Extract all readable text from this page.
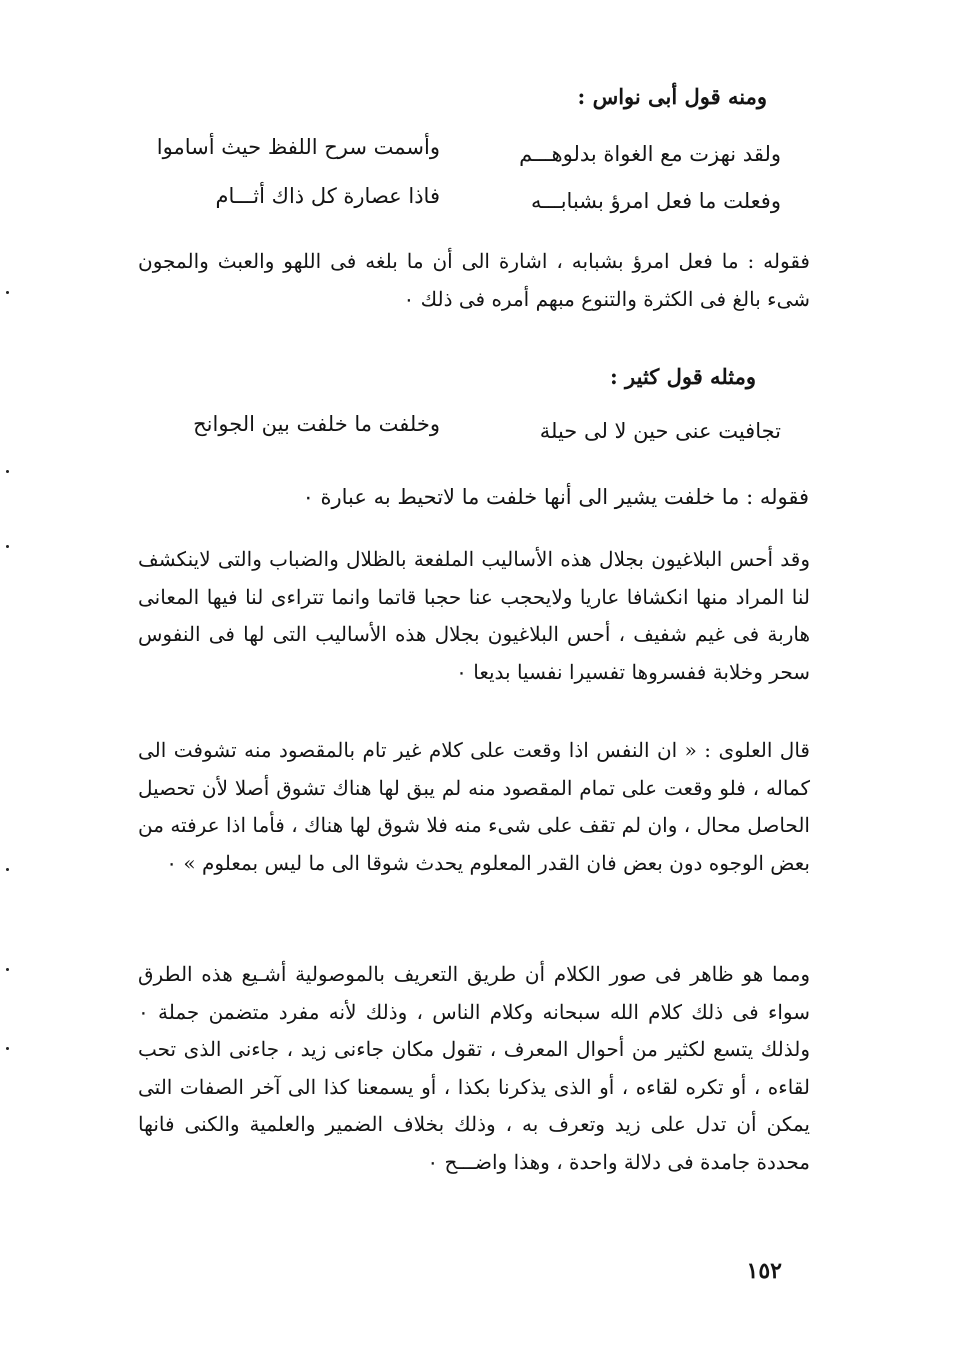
ومنه قول أبى نواس :
ولقد نهزت مع الغواة بدلوهـــم
وأسمت سرح اللفظ حيث أساموا
وفعلت ما فعل امرؤ بشبابـــه
فاذا عصارة كل ذاك أثـــام
فقوله : ما فعل امرؤ بشبابه ، اشارة الى أن ما بلغه فى اللهو والعبث والمجون شىء بالغ فى الكثرة والتنوع مبهم أمره فى ذلك ٠
ومثله قول كثير :
تجافيت عنى حين لا لى حيلة
وخلفت ما خلفت بين الجوانح
فقوله : ما خلفت يشير الى أنها خلفت ما لاتحيط به عبارة ٠
وقد أحس البلاغيون بجلال هذه الأساليب الملفعة بالظلال والضباب والتى لاينكشف لنا المراد منها انكشافا عاريا ولايحجب عنا حجبا قاتما وانما تتراءى لنا فيها المعانى هاربة فى غيم شفيف ، أحس البلاغيون بجلال هذه الأساليب التى لها فى النفوس سحر وخلابة ففسروها تفسيرا نفسيا بديعا ٠
قال العلوى : « ان النفس اذا وقعت على كلام غير تام بالمقصود منه تشوفت الى كماله ، فلو وقعت على تمام المقصود منه لم يبق لها هناك تشوق أصلا لأن تحصيل الحاصل محال ، وان لم تقف على شىء منه فلا شوق لها هناك ، فأما اذا عرفته من بعض الوجوه دون بعض فان القدر المعلوم يحدث شوقا الى ما ليس بمعلوم » ٠
ومما هو ظاهر فى صور الكلام أن طريق التعريف بالموصولية أشـيع هذه الطرق سواء فى ذلك كلام الله سبحانه وكلام الناس ، وذلك لأنه مفرد متضمن جملة ٠ ولذلك يتسع لكثير من أحوال المعرف ، تقول مكان جاءنى زيد ، جاءنى الذى تحب لقاءه ، أو تكره لقاءه ، أو الذى يذكرنا بكذا ، أو يسمعنا كذا الى آخر الصفات التى يمكن أن تدل على زيد وتعرف به ، وذلك بخلاف الضمير والعلمية والكنى فانها محددة جامدة فى دلالة واحدة ، وهذا واضـــح ٠
١٥٢
